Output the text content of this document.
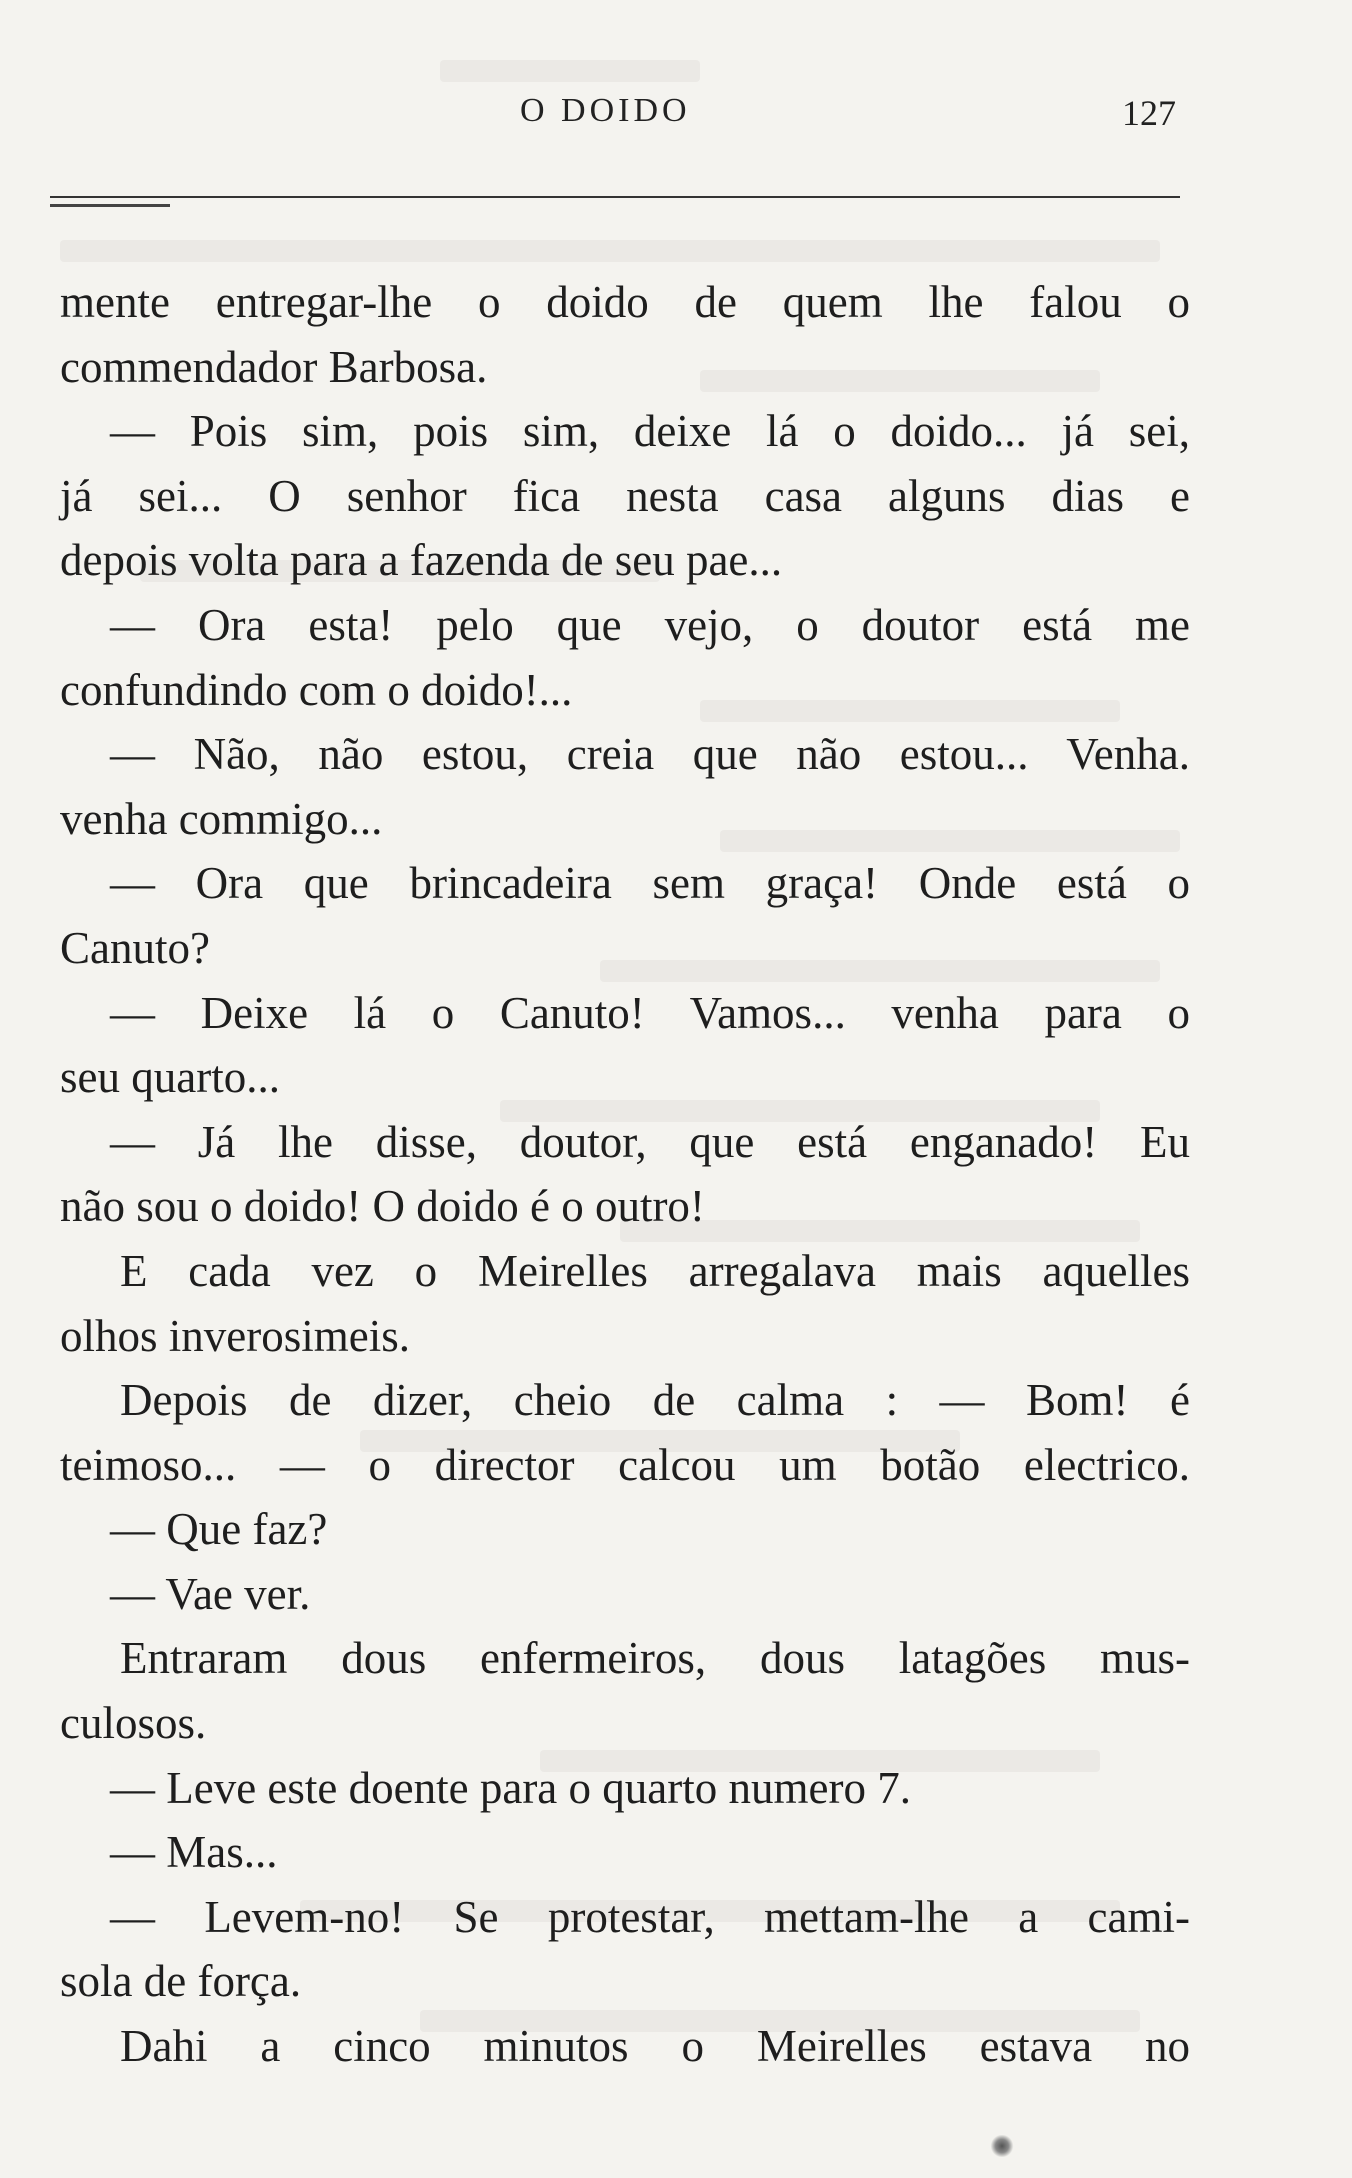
O DOIDO	127
mente entregar-lhe o doido de quem lhe falou o
commendador Barbosa.
— Pois sim, pois sim, deixe lá o doido... já sei,
já sei... O senhor fica nesta casa alguns dias e
depois volta para a fazenda de seu pae...
— Ora esta! pelo que vejo, o doutor está me
confundindo com o doido!...
— Não, não estou, creia que não estou... Venha.
venha commigo...
— Ora que brincadeira sem graça! Onde está o
Canuto?
— Deixe lá o Canuto! Vamos... venha para o
seu quarto...
— Já lhe disse, doutor, que está enganado! Eu
não sou o doido! O doido é o outro!
E cada vez o Meirelles arregalava mais aquelles
olhos inverosimeis.
Depois de dizer, cheio de calma : — Bom! é
teimoso... — o director calcou um botão electrico.
— Que faz?
— Vae ver.
Entraram dous enfermeiros, dous latagões mus-
culosos.
— Leve este doente para o quarto numero 7.
— Mas...
— Levem-no! Se protestar, mettam-lhe a cami-
sola de força.
Dahi a cinco minutos o Meirelles estava no
